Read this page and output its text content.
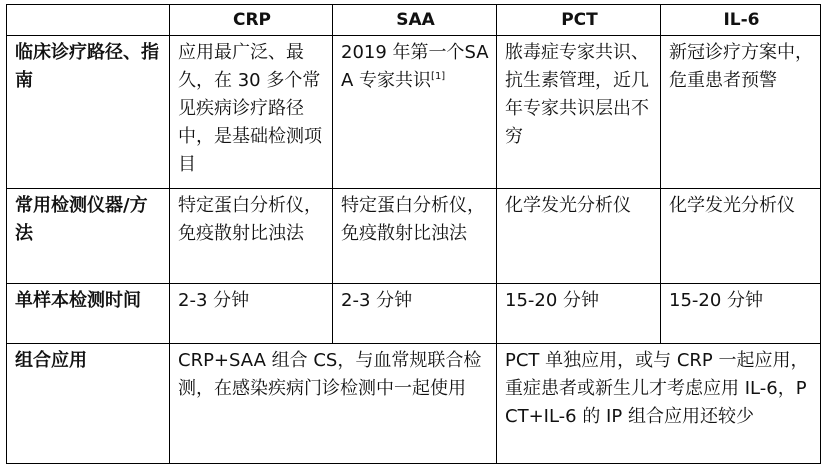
	CRP	SAA	PCT	IL-6
临床诊疗路径、指南	应用最广泛、最久，在 30 多个常见疾病诊疗路径中，是基础检测项目	2019 年第一个SAA 专家共识[1]	脓毒症专家共识、抗生素管理，近几年专家共识层出不穷	新冠诊疗方案中，危重患者预警
常用检测仪器/方法	特定蛋白分析仪，免疫散射比浊法	特定蛋白分析仪，免疫散射比浊法	化学发光分析仪	化学发光分析仪
单样本检测时间	2-3 分钟	2-3 分钟	15-20 分钟	15-20 分钟
组合应用	CRP+SAA 组合 CS，与血常规联合检测，在感染疾病门诊检测中一起使用		PCT 单独应用，或与 CRP 一起应用，重症患者或新生儿才考虑应用 IL-6，PCT+IL-6 的 IP 组合应用还较少	
